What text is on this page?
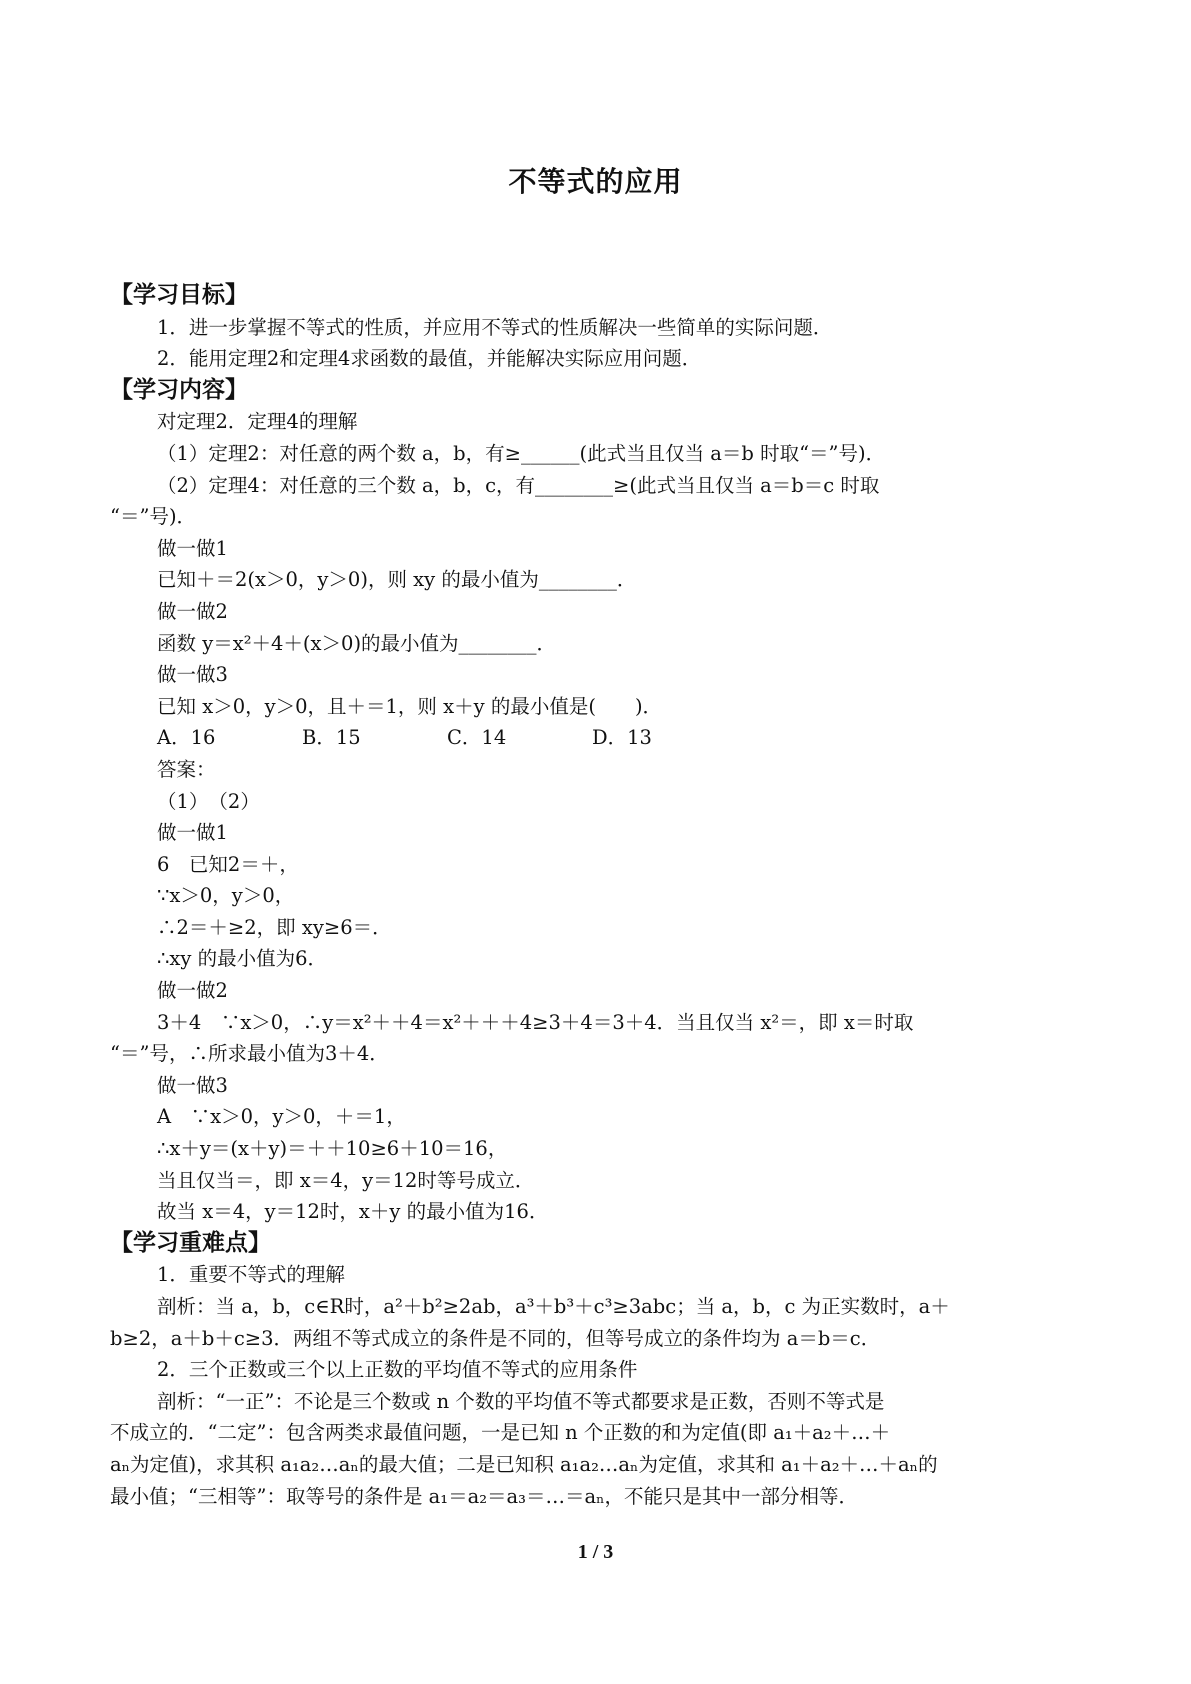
不等式的应用
【学习目标】
1．进一步掌握不等式的性质，并应用不等式的性质解决一些简单的实际问题．
2．能用定理2和定理4求函数的最值，并能解决实际应用问题．
【学习内容】
对定理2．定理4的理解
（1）定理2：对任意的两个数 a，b，有≥______(此式当且仅当 a＝b 时取“＝”号)．
（2）定理4：对任意的三个数 a，b，c，有________≥(此式当且仅当 a＝b＝c 时取
“＝”号)．
做一做1
已知＋＝2(x＞0，y＞0)，则 xy 的最小值为________．
做一做2
函数 y＝x²＋4＋(x＞0)的最小值为________．
做一做3
已知 x＞0，y＞0，且＋＝1，则 x＋y 的最小值是(　　)．
A．16	B．15	C．14	D．13
答案：
（1）　（2）
做一做1
6　已知2＝＋，
∵x＞0，y＞0，
∴2＝＋≥2，即 xy≥6＝．
∴xy 的最小值为6．
做一做2
3＋4　∵x＞0，∴y＝x²＋＋4＝x²＋＋＋4≥3＋4＝3＋4．当且仅当 x²＝，即 x＝时取
“＝”号，∴所求最小值为3＋4．
做一做3
A　∵x＞0，y＞0，＋＝1，
∴x＋y＝(x＋y)＝＋＋10≥6＋10＝16，
当且仅当＝，即 x＝4，y＝12时等号成立．
故当 x＝4，y＝12时，x＋y 的最小值为16．
【学习重难点】
1．重要不等式的理解
剖析：当 a，b，c∈R时，a²＋b²≥2ab，a³＋b³＋c³≥3abc；当 a，b，c 为正实数时，a＋
b≥2，a＋b＋c≥3．两组不等式成立的条件是不同的，但等号成立的条件均为 a＝b＝c．
2．三个正数或三个以上正数的平均值不等式的应用条件
剖析：“一正”：不论是三个数或 n 个数的平均值不等式都要求是正数，否则不等式是
不成立的．“二定”：包含两类求最值问题，一是已知 n 个正数的和为定值(即 a₁＋a₂＋…＋
aₙ为定值)，求其积 a₁a₂…aₙ的最大值；二是已知积 a₁a₂…aₙ为定值，求其和 a₁＋a₂＋…＋aₙ的
最小值；“三相等”：取等号的条件是 a₁＝a₂＝a₃＝…＝aₙ，不能只是其中一部分相等．
1 / 3
